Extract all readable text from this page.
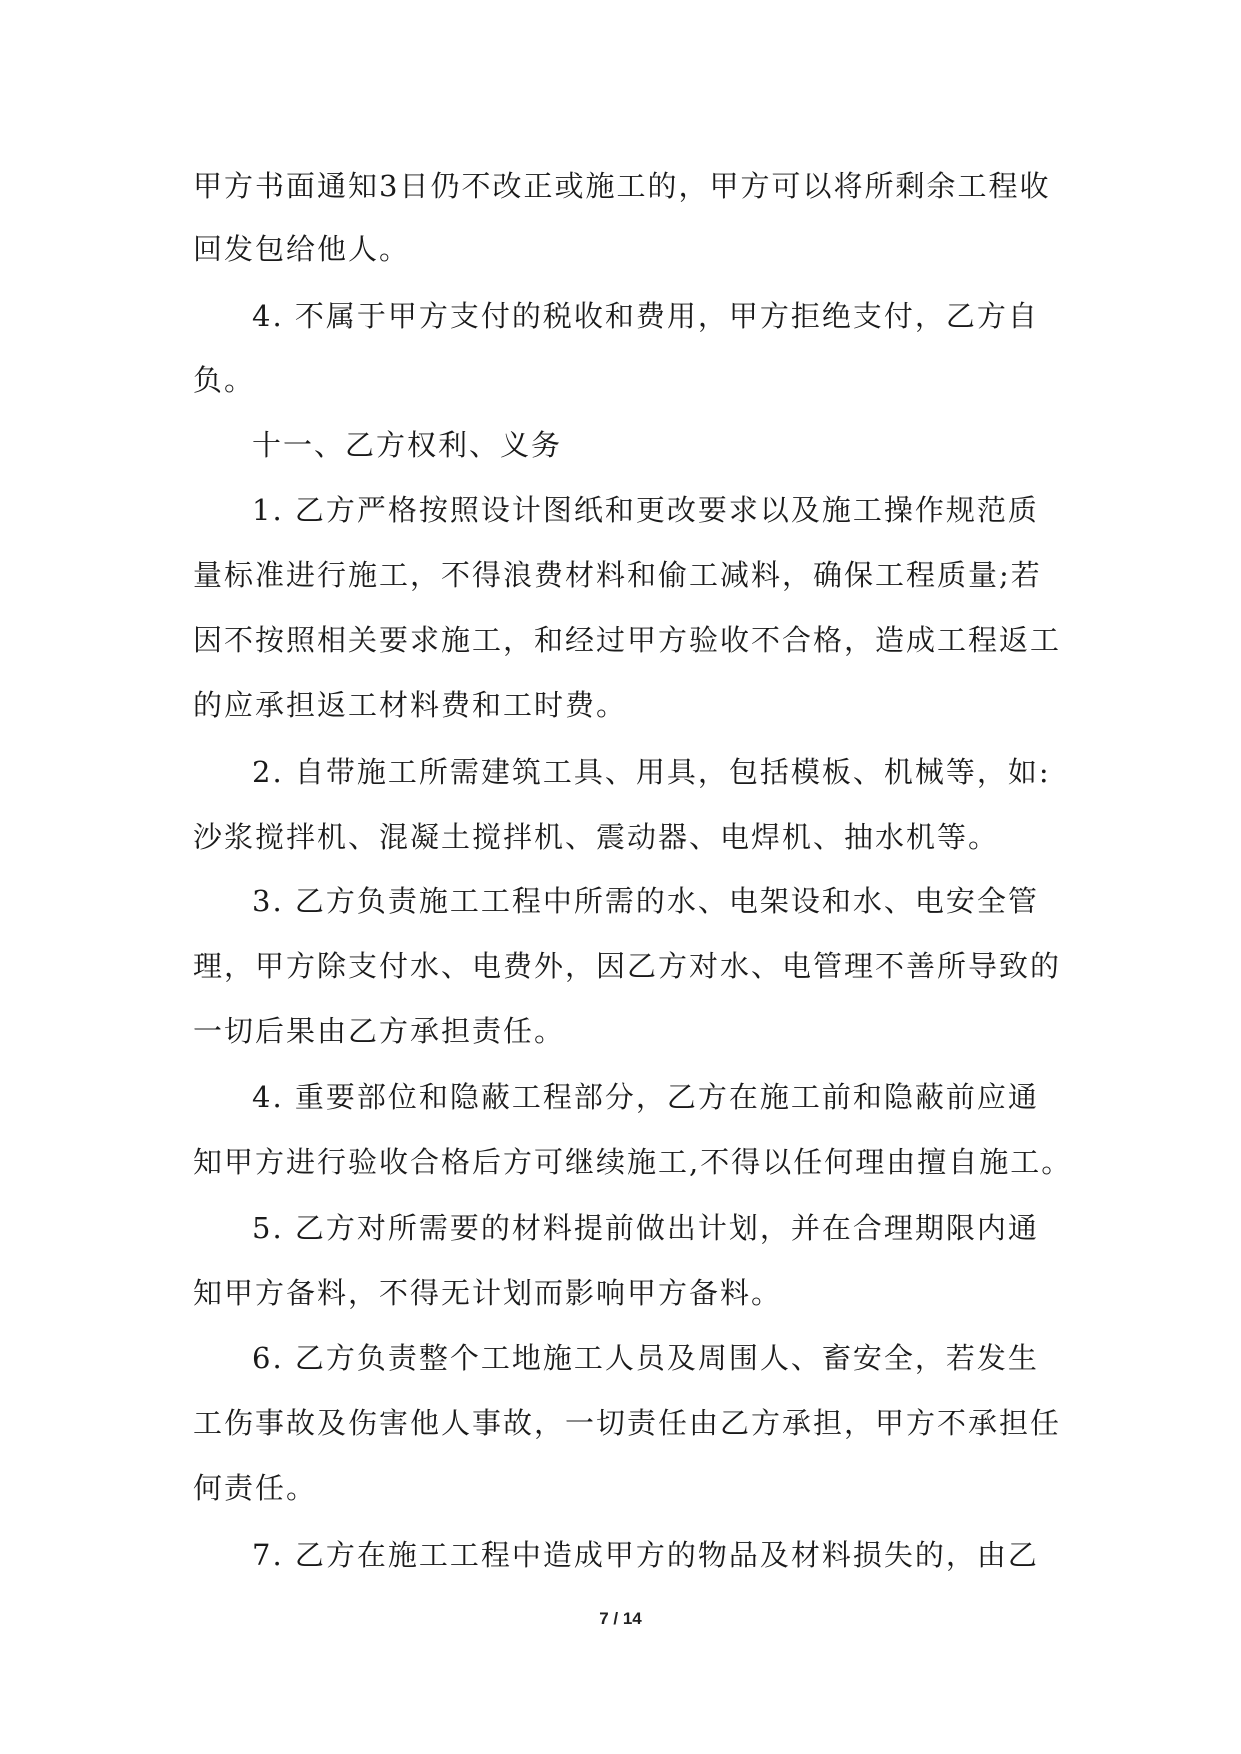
甲方书面通知3日仍不改正或施工的，甲方可以将所剩余工程收
回发包给他人。
4. 不属于甲方支付的税收和费用，甲方拒绝支付，乙方自
负。
十一、乙方权利、义务
1. 乙方严格按照设计图纸和更改要求以及施工操作规范质
量标准进行施工，不得浪费材料和偷工减料，确保工程质量;若
因不按照相关要求施工，和经过甲方验收不合格，造成工程返工
的应承担返工材料费和工时费。
2. 自带施工所需建筑工具、用具，包括模板、机械等，如:
沙浆搅拌机、混凝土搅拌机、震动器、电焊机、抽水机等。
3. 乙方负责施工工程中所需的水、电架设和水、电安全管
理，甲方除支付水、电费外，因乙方对水、电管理不善所导致的
一切后果由乙方承担责任。
4. 重要部位和隐蔽工程部分，乙方在施工前和隐蔽前应通
知甲方进行验收合格后方可继续施工,不得以任何理由擅自施工。
5. 乙方对所需要的材料提前做出计划，并在合理期限内通
知甲方备料，不得无计划而影响甲方备料。
6. 乙方负责整个工地施工人员及周围人、畜安全，若发生
工伤事故及伤害他人事故，一切责任由乙方承担，甲方不承担任
何责任。
7. 乙方在施工工程中造成甲方的物品及材料损失的，由乙
7 / 14
